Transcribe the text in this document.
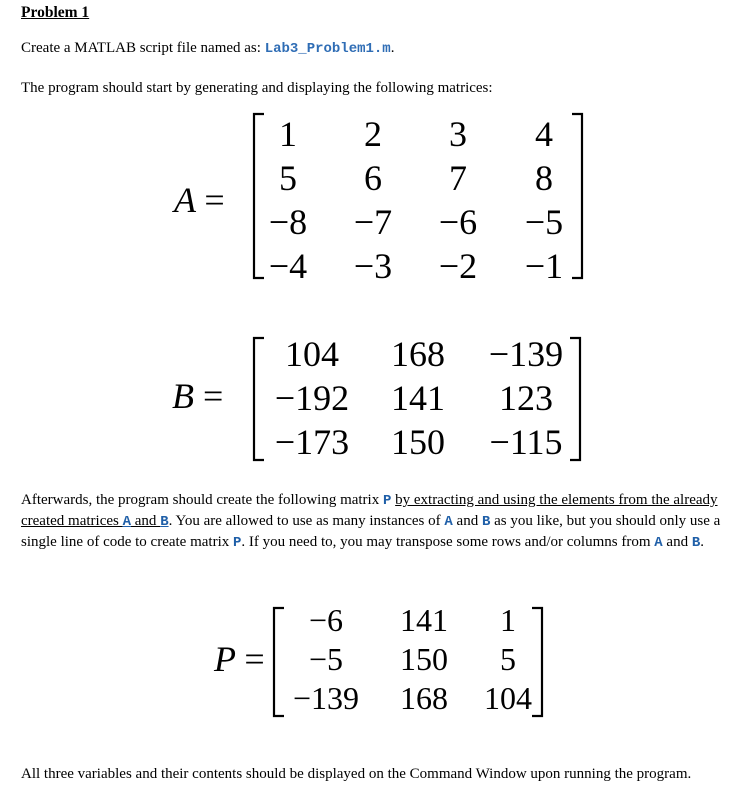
Problem 1
Create a MATLAB script file named as: Lab3_Problem1.m.
The program should start by generating and displaying the following matrices:
A =
1	2	3	4
5	6	7	8
−8	−7	−6	−5
−4	−3	−2	−1
B =
104	168	−139
−192	141	123
−173	150	−115
Afterwards, the program should create the following matrix P by extracting and using the elements from the already created matrices A and B. You are allowed to use as many instances of A and B as you like, but you should only use a single line of code to create matrix P. If you need to, you may transpose some rows and/or columns from A and B.
P =
−6	141	1
−5	150	5
−139	168	104
All three variables and their contents should be displayed on the Command Window upon running the program.
